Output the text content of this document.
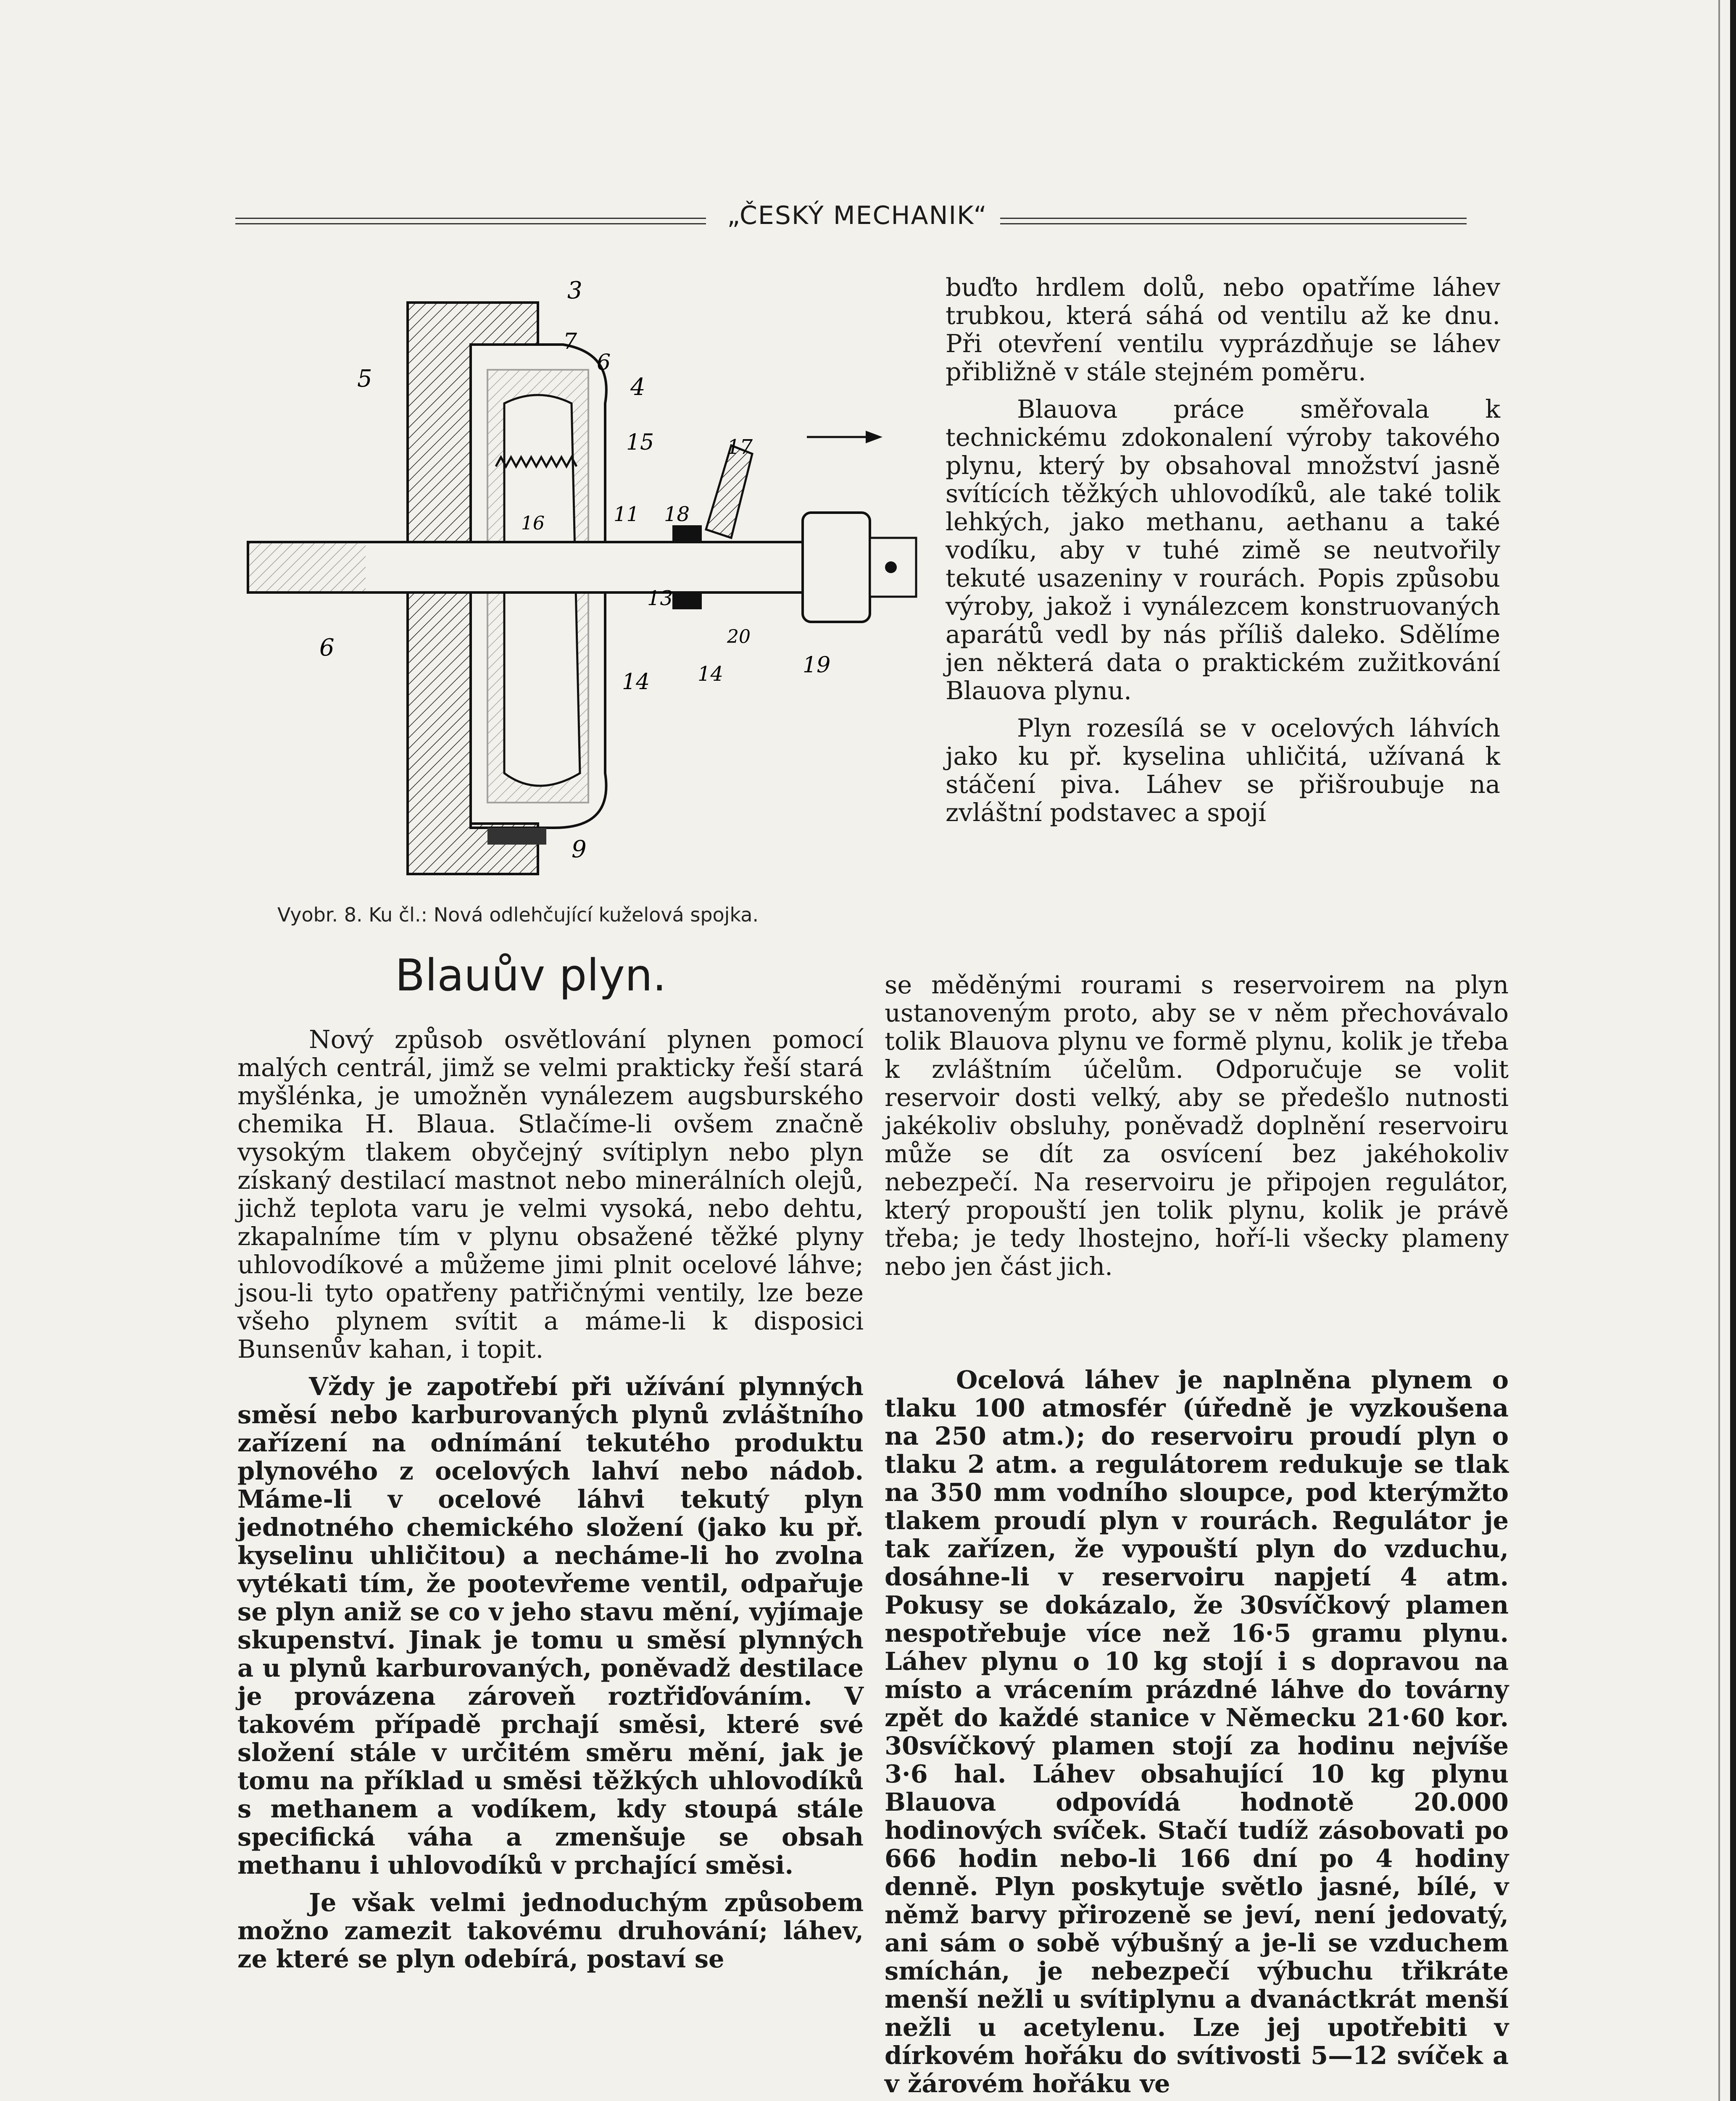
„ČESKÝ MECHANIK“
3
7
6
4
5
15
11 18
17
16
13
6
14 14
20
19
9
Vyobr. 8. Ku čl.: Nová odlehčující kuželová spojka.
Blauův plyn.

Nový způsob osvětlování plynen pomocí malých centrál, jimž se velmi prakticky řeší stará myšlénka, je umožněn vynálezem augsburského chemika H. Blaua. Stlačíme-li ovšem značně vysokým tlakem obyčejný svítiplyn nebo plyn získaný destilací mastnot nebo minerálních olejů, jichž teplota varu je velmi vysoká, nebo dehtu, zkapalníme tím v plynu obsažené těžké plyny uhlovodíkové a můžeme jimi plnit ocelové láhve; jsou-li tyto opatřeny patřičnými ventily, lze beze všeho plynem svítit a máme-li k disposici Bunsenův kahan, i topit.

Vždy je zapotřebí při užívání plynných směsí nebo karburovaných plynů zvláštního zařízení na odnímání tekutého produktu plynového z ocelových lahví nebo nádob. Máme-li v ocelové láhvi tekutý plyn jednotného chemického složení (jako ku př. kyselinu uhličitou) a necháme-li ho zvolna vytékati tím, že pootevřeme ventil, odpařuje se plyn aniž se co v jeho stavu mění, vyjímaje skupenství. Jinak je tomu u směsí plynných a u plynů karburovaných, poněvadž destilace je provázena zároveň roztřiďováním. V takovém případě prchají směsi, které své složení stále v určitém směru mění, jak je tomu na příklad u směsi těžkých uhlovodíků s methanem a vodíkem, kdy stoupá stále specifická váha a zmenšuje se obsah methanu i uhlovodíků v prchající směsi.

Je však velmi jednoduchým způsobem možno zamezit takovému druhování; láhev, ze které se plyn odebírá, postaví se

buďto hrdlem dolů, nebo opatříme láhev trubkou, která sáhá od ventilu až ke dnu. Při otevření ventilu vyprázdňuje se láhev přibližně v stále stejném poměru.

Blauova práce směřovala k technickému zdokonalení výroby takového plynu, který by obsahoval množství jasně svítících těžkých uhlovodíků, ale také tolik lehkých, jako methanu, aethanu a také vodíku, aby v tuhé zimě se neutvořily tekuté usazeniny v rourách. Popis způsobu výroby, jakož i vynálezcem konstruovaných aparátů vedl by nás příliš daleko. Sdělíme jen některá data o praktickém zužitkování Blauova plynu.

Plyn rozesílá se v ocelových láhvích jako ku př. kyselina uhličitá, užívaná k stáčení piva. Láhev se přišroubuje na zvláštní podstavec a spojí

se měděnými rourami s reservoirem na plyn ustanoveným proto, aby se v něm přechovávalo tolik Blauova plynu ve formě plynu, kolik je třeba k zvláštním účelům. Odporučuje se volit reservoir dosti velký, aby se předešlo nutnosti jakékoliv obsluhy, poněvadž doplnění reservoiru může se dít za osvícení bez jakéhokoliv nebezpečí. Na reservoiru je připojen regulátor, který propouští jen tolik plynu, kolik je právě třeba; je tedy lhostejno, hoří-li všecky plameny nebo jen část jich.

Ocelová láhev je naplněna plynem o tlaku 100 atmosfér (úředně je vyzkoušena na 250 atm.); do reservoiru proudí plyn o tlaku 2 atm. a regulátorem redukuje se tlak na 350 mm vodního sloupce, pod kterýmžto tlakem proudí plyn v rourách. Regulátor je tak zařízen, že vypouští plyn do vzduchu, dosáhne-li v reservoiru napjetí 4 atm. Pokusy se dokázalo, že 30svíčkový plamen nespotřebuje více než 16·5 gramu plynu. Láhev plynu o 10 kg stojí i s dopravou na místo a vrácením prázdné láhve do továrny zpět do každé stanice v Německu 21·60 kor. 30svíčkový plamen stojí za hodinu nejvíše 3·6 hal. Láhev obsahující 10 kg plynu Blauova odpovídá hodnotě 20.000 hodinových svíček. Stačí tudíž zásobovati po 666 hodin nebo-li 166 dní po 4 hodiny denně. Plyn poskytuje světlo jasné, bílé, v němž barvy přirozeně se jeví, není jedovatý, ani sám o sobě výbušný a je-li se vzduchem smíchán, je nebezpečí výbuchu třikráte menší nežli u svítiplynu a dvanáctkrát menší nežli u acetylenu. Lze jej upotřebiti v dírkovém hořáku do svítivosti 5—12 svíček a v žárovém hořáku ve
